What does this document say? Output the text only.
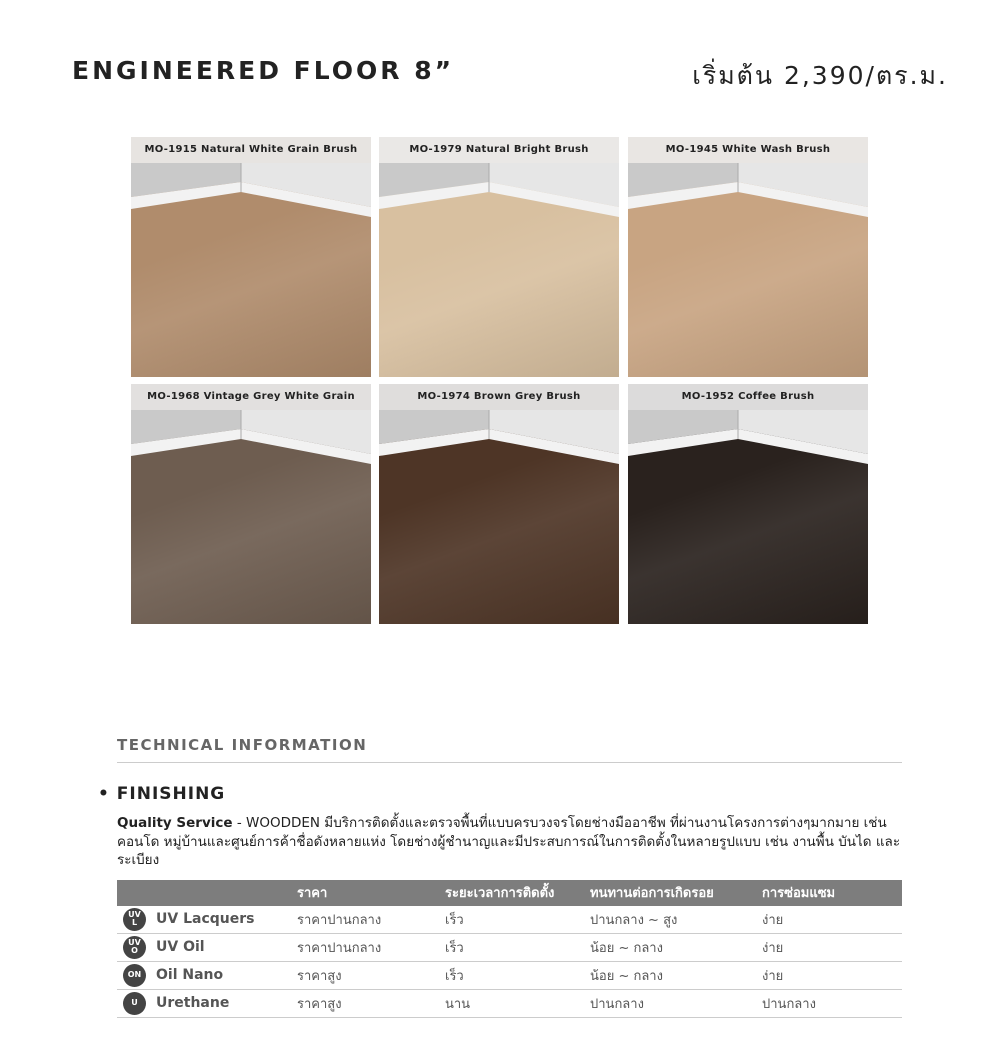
ENGINEERED FLOOR 8”	เริ่มต้น 2,390/ตร.ม.
MO-1915 Natural White Grain Brush	MO-1979 Natural Bright Brush	MO-1945 White Wash Brush
MO-1968 Vintage Grey White Grain	MO-1974 Brown Grey Brush	MO-1952 Coffee Brush
TECHNICAL INFORMATION
• FINISHING
Quality Service - WOODDEN มีบริการติดตั้งและตรวจพื้นที่แบบครบวงจรโดยช่างมืออาชีพ ที่ผ่านงานโครงการต่างๆมากมาย เช่น คอนโด หมู่บ้านและศูนย์การค้าชื่อดังหลายแห่ง โดยช่างผู้ชำนาญและมีประสบการณ์ในการติดตั้งในหลายรูปแบบ เช่น งานพื้น บันได และระเบียง
	ราคา	ระยะเวลาการติดตั้ง	ทนทานต่อการเกิดรอย	การซ่อมแซม

UV L UV Lacquers	ราคาปานกลาง	เร็ว	ปานกลาง ~ สูง	ง่าย

UV O UV Oil	ราคาปานกลาง	เร็ว	น้อย ~ กลาง	ง่าย

ON Oil Nano	ราคาสูง	เร็ว	น้อย ~ กลาง	ง่าย

U Urethane	ราคาสูง	นาน	ปานกลาง	ปานกลาง
